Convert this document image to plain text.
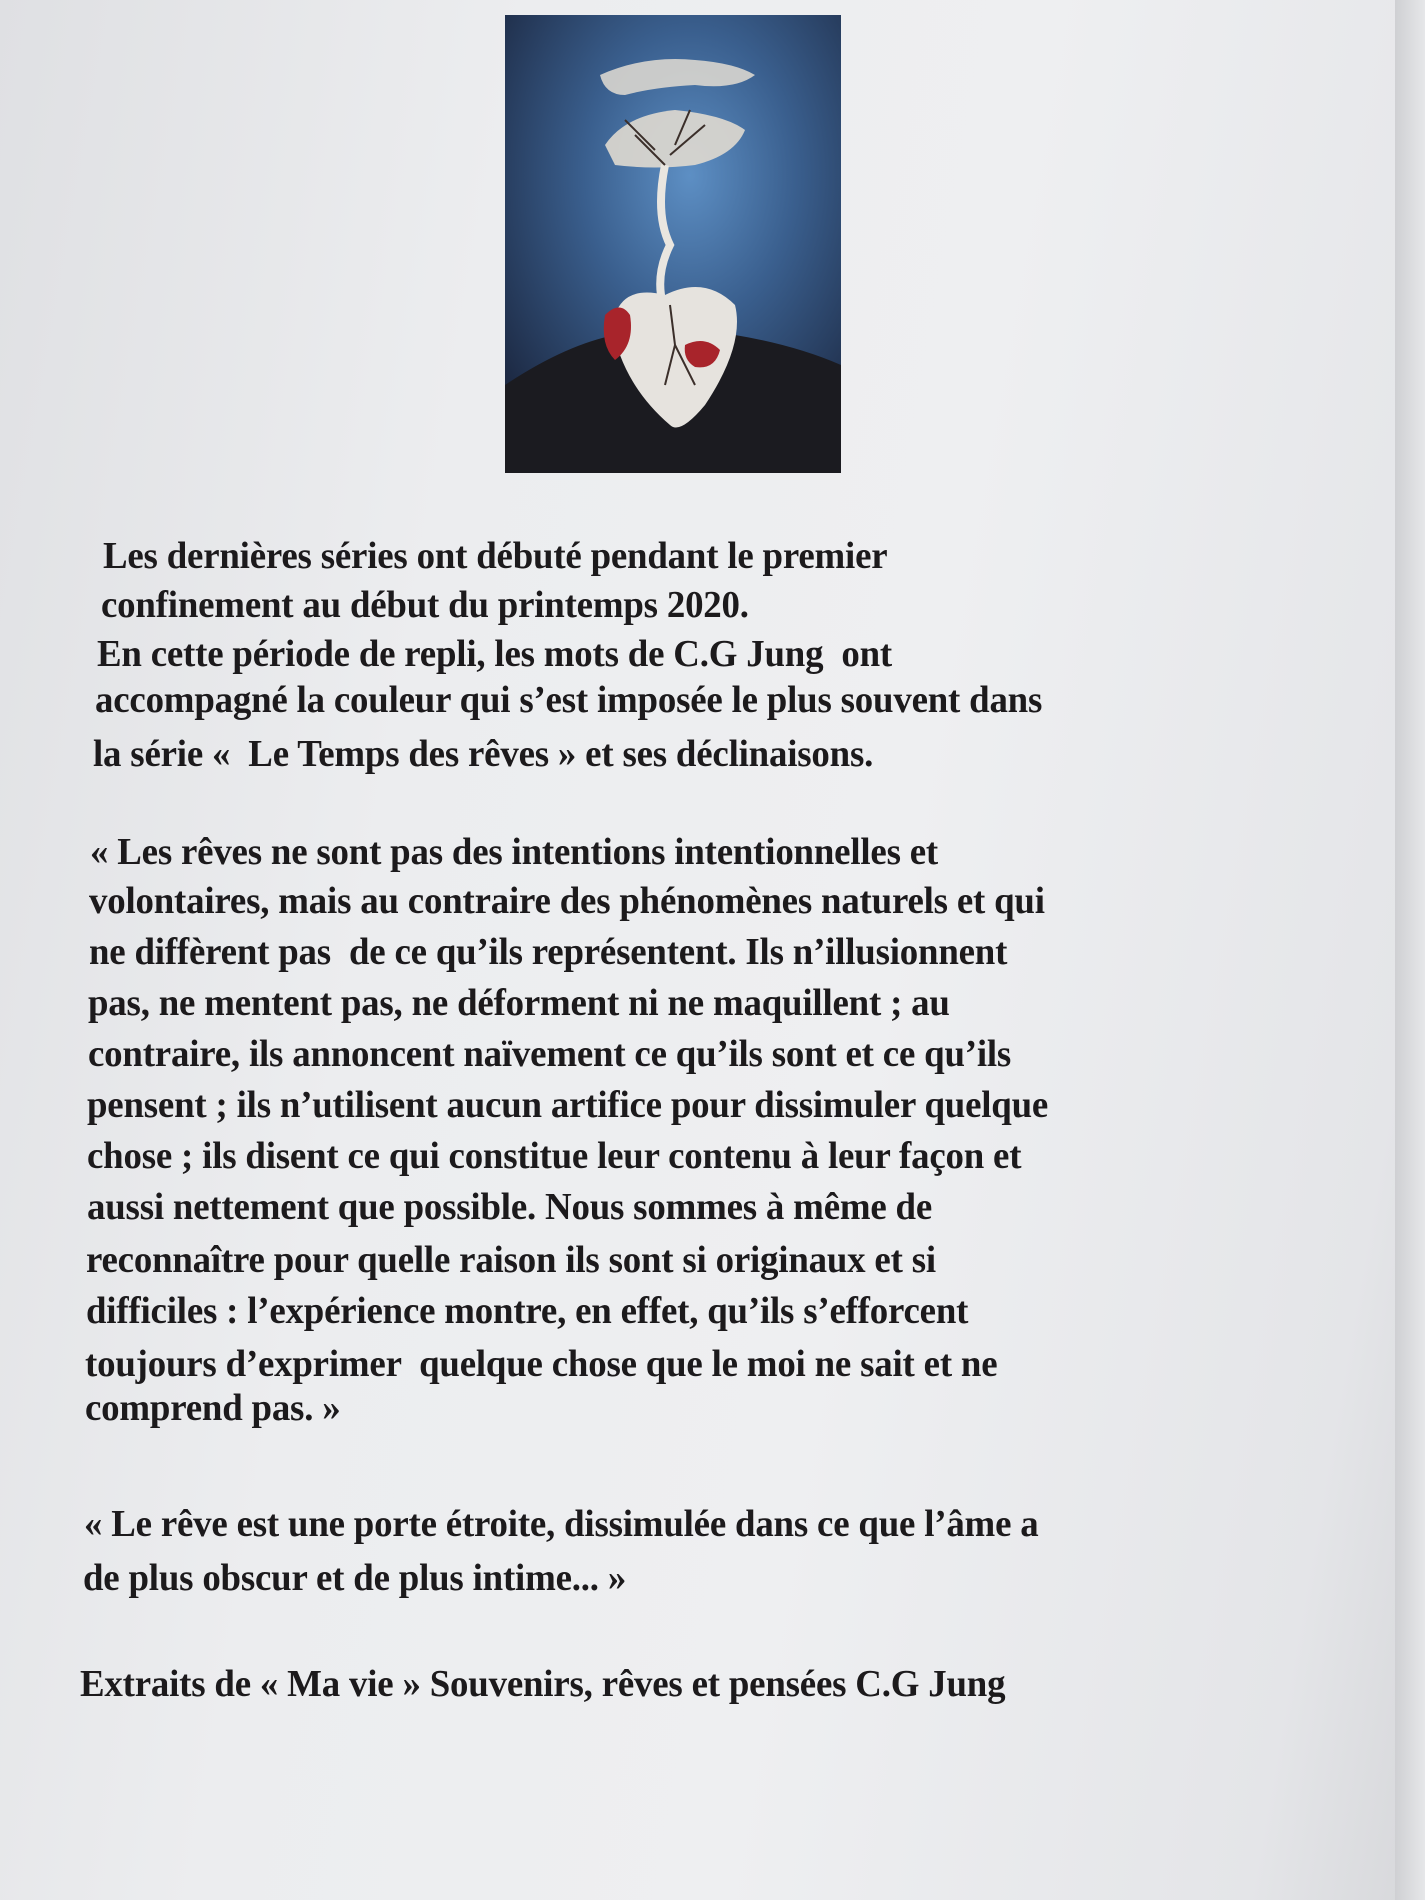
Les dernières séries ont débuté pendant le premier
confinement au début du printemps 2020.
En cette période de repli, les mots de C.G Jung  ont
accompagné la couleur qui s’est imposée le plus souvent dans
la série «  Le Temps des rêves » et ses déclinaisons.
« Les rêves ne sont pas des intentions intentionnelles et
volontaires, mais au contraire des phénomènes naturels et qui
ne diffèrent pas  de ce qu’ils représentent. Ils n’illusionnent
pas, ne mentent pas, ne déforment ni ne maquillent ; au
contraire, ils annoncent naïvement ce qu’ils sont et ce qu’ils
pensent ; ils n’utilisent aucun artifice pour dissimuler quelque
chose ; ils disent ce qui constitue leur contenu à leur façon et
aussi nettement que possible. Nous sommes à même de
reconnaître pour quelle raison ils sont si originaux et si
difficiles : l’expérience montre, en effet, qu’ils s’efforcent
toujours d’exprimer  quelque chose que le moi ne sait et ne
comprend pas. »
« Le rêve est une porte étroite, dissimulée dans ce que l’âme a
de plus obscur et de plus intime... »
Extraits de « Ma vie » Souvenirs, rêves et pensées C.G Jung
